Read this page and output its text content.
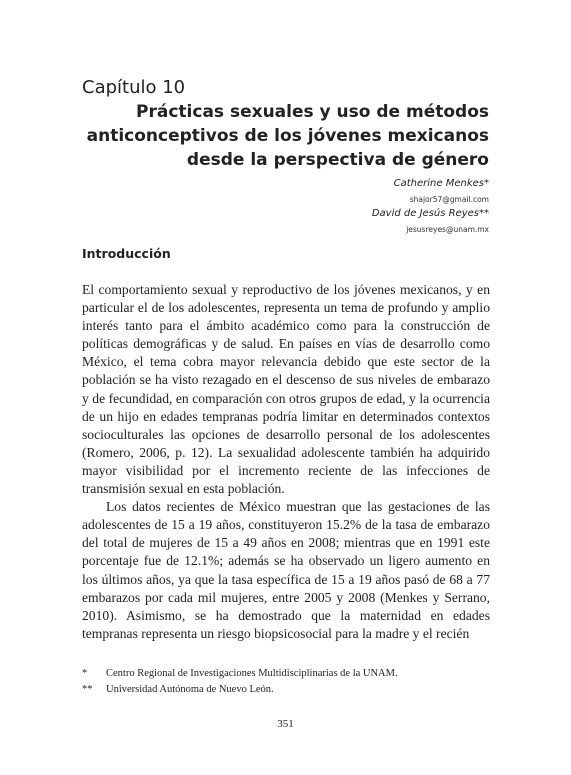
Capítulo 10
Prácticas sexuales y uso de métodos
anticonceptivos de los jóvenes mexicanos
desde la perspectiva de género
Catherine Menkes*
shajor57@gmail.com
David de Jesús Reyes**
jesusreyes@unam.mx
Introducción

El comportamiento sexual y reproductivo de los jóvenes mexicanos, y en particular el de los adolescentes, representa un tema de profundo y amplio interés tanto para el ámbito académico como para la construcción de políticas demográficas y de salud. En países en vías de desarrollo como México, el tema cobra mayor relevancia debido que este sector de la población se ha visto rezagado en el descenso de sus niveles de embarazo y de fecundidad, en comparación con otros grupos de edad, y la ocurrencia de un hijo en edades tempranas podría limitar en determinados contextos socioculturales las opciones de desarrollo personal de los adolescentes (Romero, 2006, p. 12). La sexualidad adolescente también ha adquirido mayor visibilidad por el incremento reciente de las infecciones de transmisión sexual en esta población.

Los datos recientes de México muestran que las gestaciones de las adolescentes de 15 a 19 años, constituyeron 15.2% de la tasa de embarazo del total de mujeres de 15 a 49 años en 2008; mientras que en 1991 este porcentaje fue de 12.1%; además se ha observado un ligero aumento en los últimos años, ya que la tasa específica de 15 a 19 años pasó de 68 a 77 embarazos por cada mil mujeres, entre 2005 y 2008 (Menkes y Serrano, 2010). Asimismo, se ha demostrado que la maternidad en edades tempranas representa un riesgo biopsicosocial para la madre y el recién

*	Centro Regional de Investigaciones Multidisciplinarias de la UNAM.
**	Universidad Autónoma de Nuevo León.
351
